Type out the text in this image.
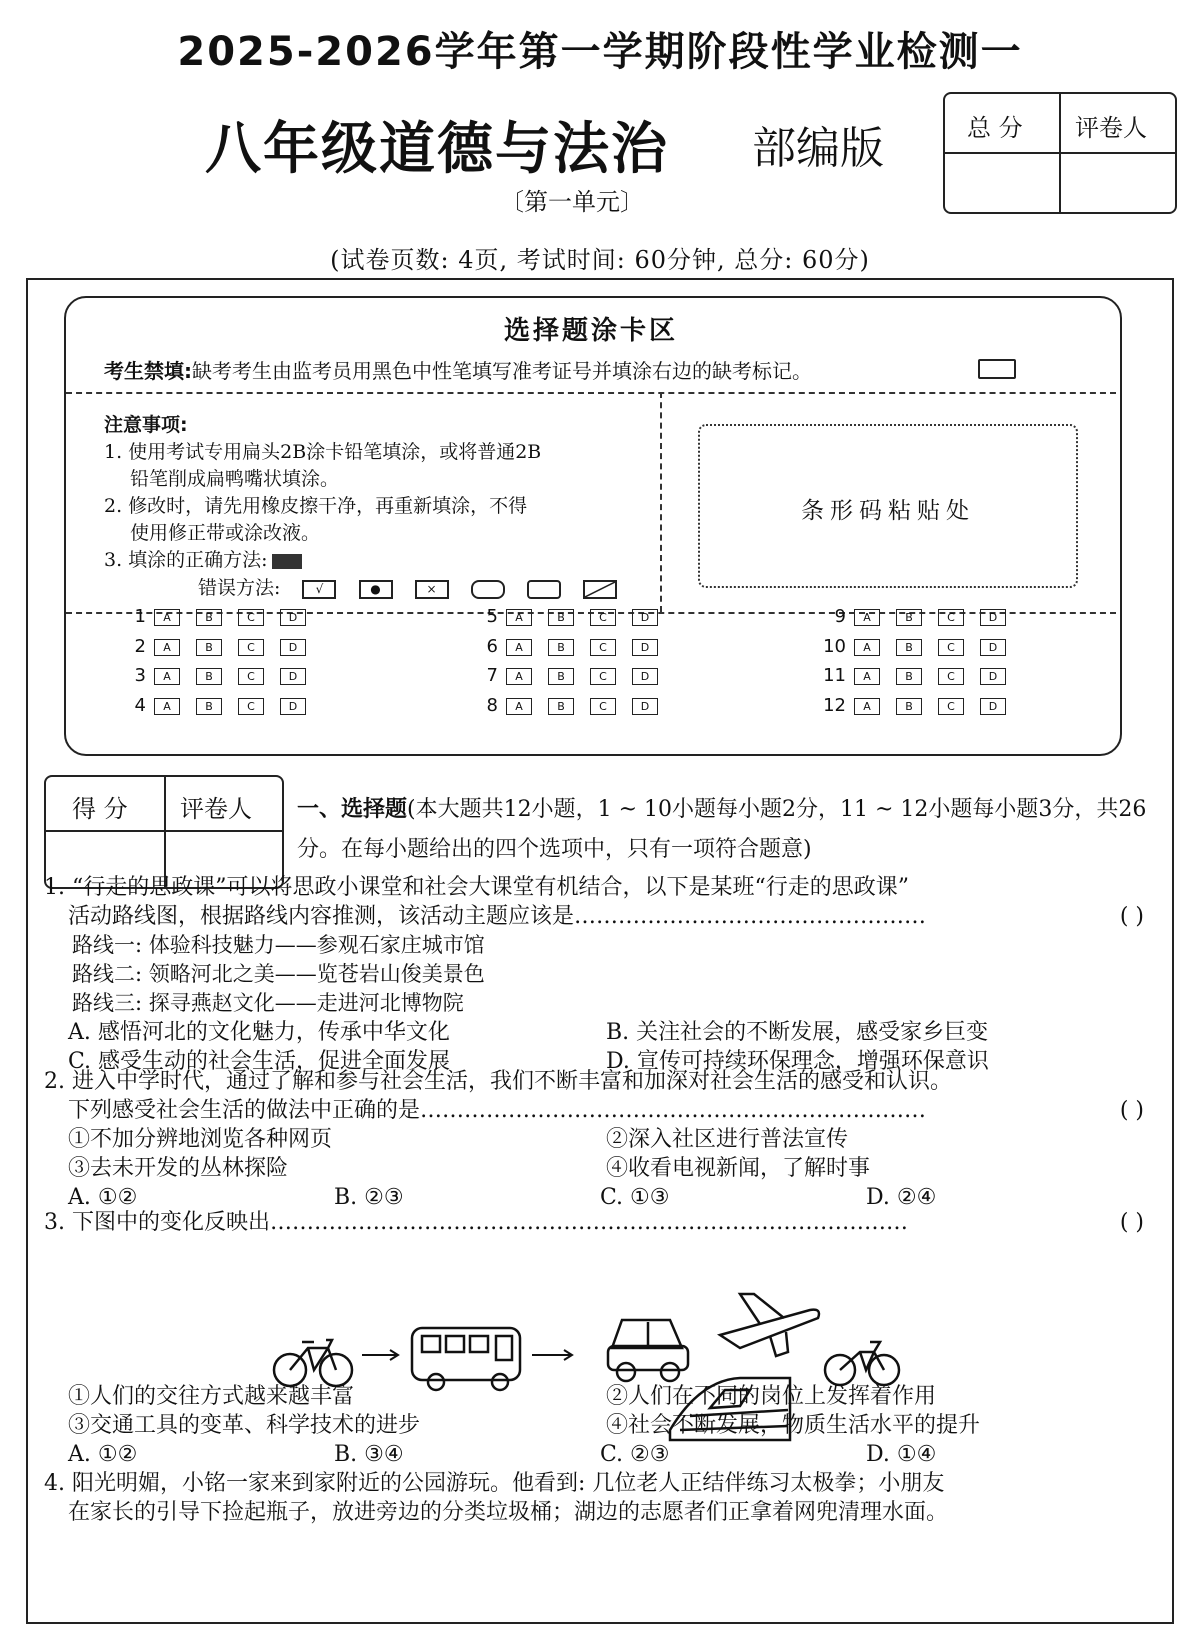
2025-2026学年第一学期阶段性学业检测一
八年级道德与法治 部编版
〔第一单元〕
(试卷页数: 4页, 考试时间: 60分钟, 总分: 60分)
总 分 评卷人
选择题涂卡区
考生禁填:缺考考生由监考员用黑色中性笔填写准考证号并填涂右边的缺考标记。
注意事项:
1. 使用考试专用扁头2B涂卡铅笔填涂，或将普通2B
铅笔削成扁鸭嘴状填涂。
2. 修改时，请先用橡皮擦干净，再重新填涂，不得
使用修正带或涂改液。
3. 填涂的正确方法:
错误方法:	√	●	×
条形码粘贴处
1 A	B	C	D
2 A	B	C	D
3 A	B	C	D
4 A	B	C	D
5 A	B	C	D
6 A	B	C	D
7 A	B	C	D
8 A	B	C	D
9 A	B	C	D
10 A	B	C	D
11 A	B	C	D
12 A	B	C	D
得 分 评卷人 一、选择题(本大题共12小题，1 ~ 10小题每小题2分，11 ~ 12小题每小题3分，共26分。在每小题给出的四个选项中，只有一项符合题意)
1. “行走的思政课”可以将思政小课堂和社会大课堂有机结合，以下是某班“行走的思政课”
活动路线图，根据路线内容推测，该活动主题应该是…………………………………………	( )
路线一: 体验科技魅力——参观石家庄城市馆
路线二: 领略河北之美——览苍岩山俊美景色
路线三: 探寻燕赵文化——走进河北博物院
A. 感悟河北的文化魅力，传承中华文化	B. 关注社会的不断发展，感受家乡巨变
C. 感受生动的社会生活，促进全面发展	D. 宣传可持续环保理念，增强环保意识
2. 进入中学时代，通过了解和参与社会生活，我们不断丰富和加深对社会生活的感受和认识。
下列感受社会生活的做法中正确的是……………………………………………………………	( )
①不加分辨地浏览各种网页	②深入社区进行普法宣传
③去未开发的丛林探险	④收看电视新闻，了解时事
A. ①②	B. ②③	C. ①③	D. ②④
3. 下图中的变化反映出……………………………………………………………………………	( )
①人们的交往方式越来越丰富	②人们在不同的岗位上发挥着作用
③交通工具的变革、科学技术的进步	④社会不断发展，物质生活水平的提升
A. ①②	B. ③④	C. ②③	D. ①④
4. 阳光明媚，小铭一家来到家附近的公园游玩。他看到: 几位老人正结伴练习太极拳；小朋友
在家长的引导下捡起瓶子，放进旁边的分类垃圾桶；湖边的志愿者们正拿着网兜清理水面。
